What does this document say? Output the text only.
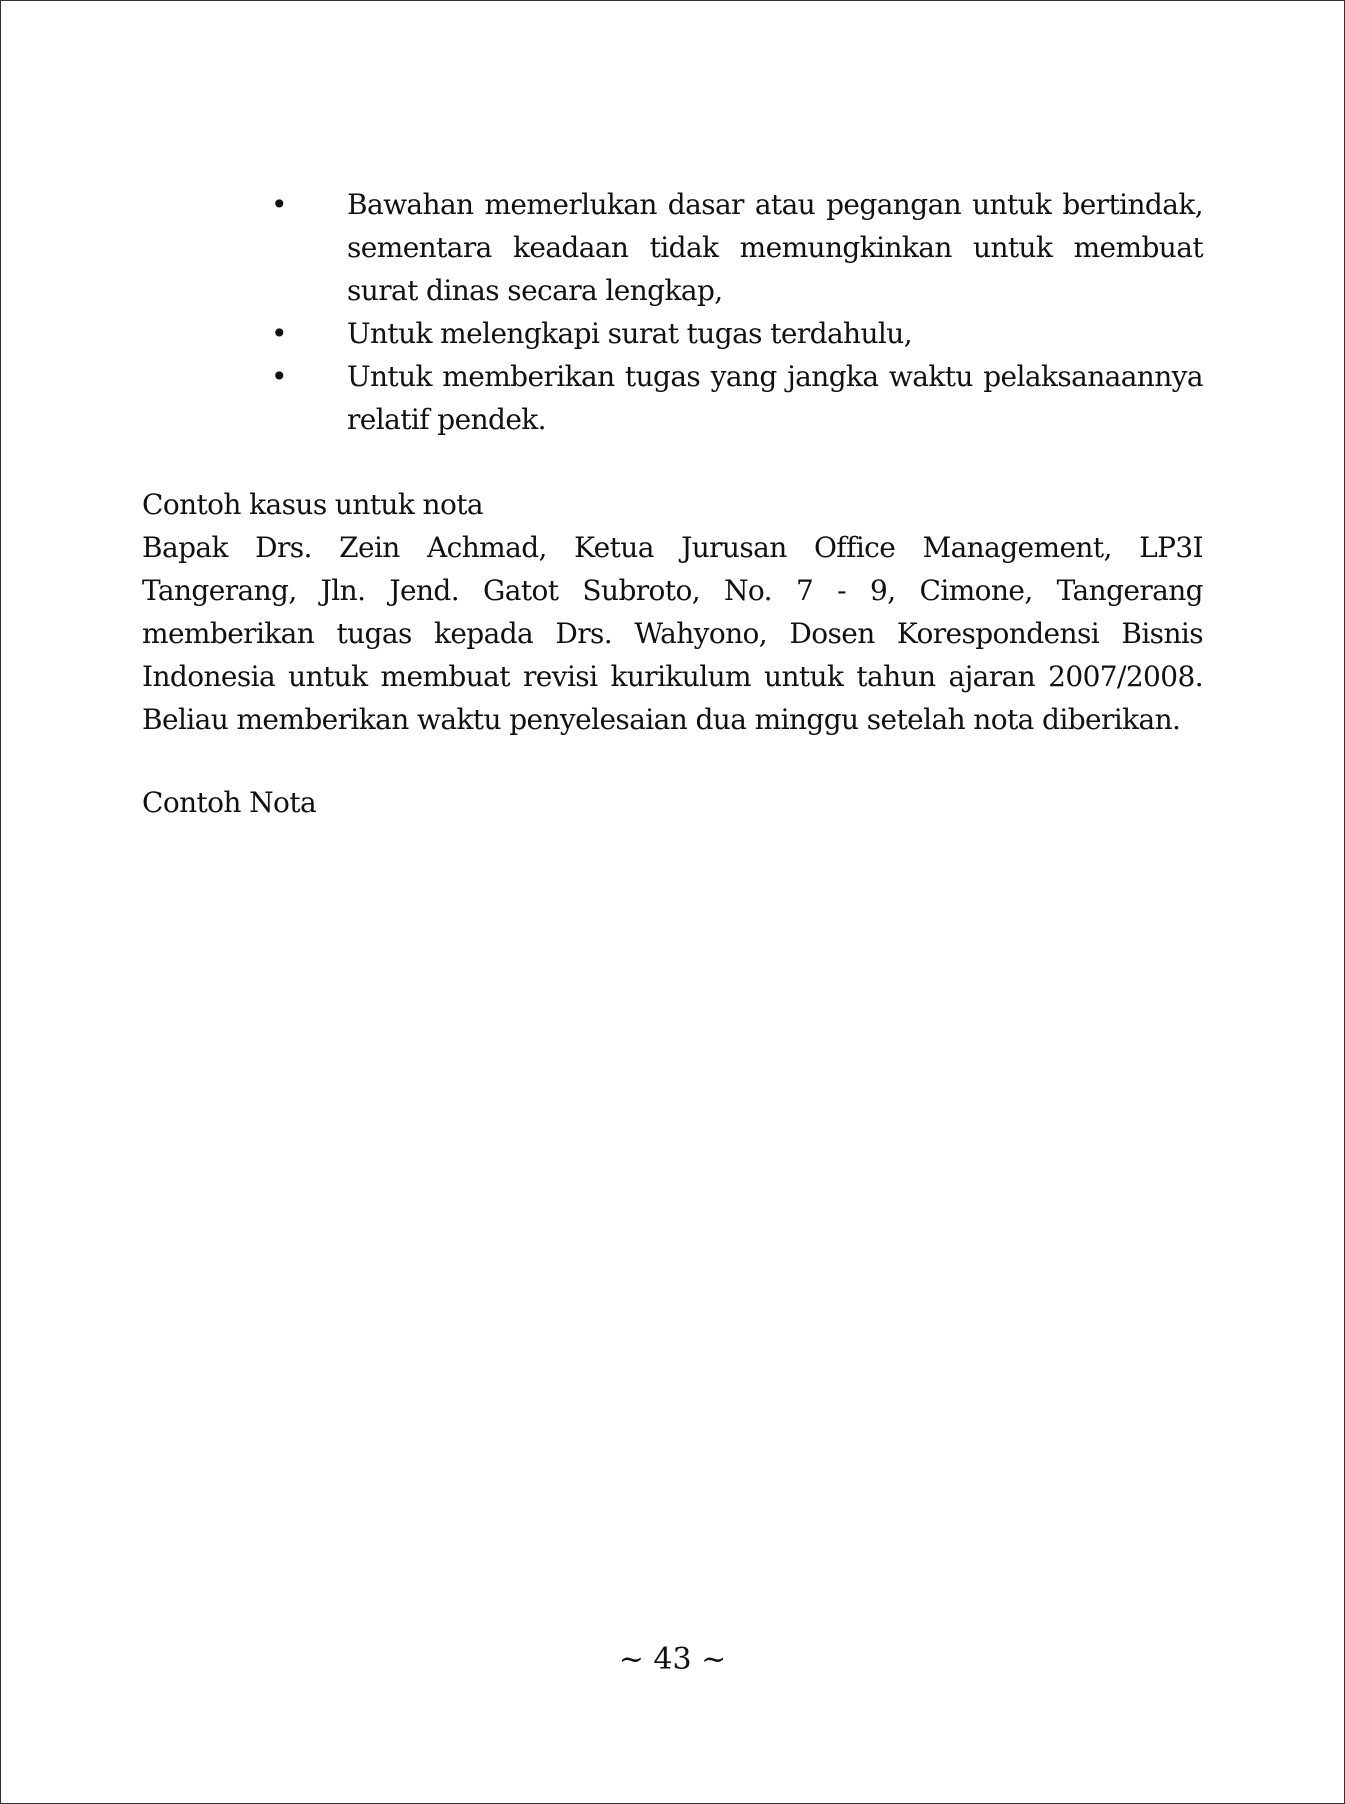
•	Bawahan memerlukan dasar atau pegangan untuk bertindak, sementara keadaan tidak memungkinkan untuk membuat surat dinas secara lengkap,
•	Untuk melengkapi surat tugas terdahulu,
•	Untuk memberikan tugas yang jangka waktu pelaksanaannya relatif pendek.
Contoh kasus untuk nota
Bapak Drs. Zein Achmad, Ketua Jurusan Office Management, LP3I Tangerang, Jln. Jend. Gatot Subroto, No. 7 - 9, Cimone, Tangerang memberikan tugas kepada Drs. Wahyono, Dosen Korespondensi Bisnis Indonesia untuk membuat revisi kurikulum untuk tahun ajaran 2007/2008. Beliau memberikan waktu penyelesaian dua minggu setelah nota diberikan.
Contoh Nota
~ 43 ~
